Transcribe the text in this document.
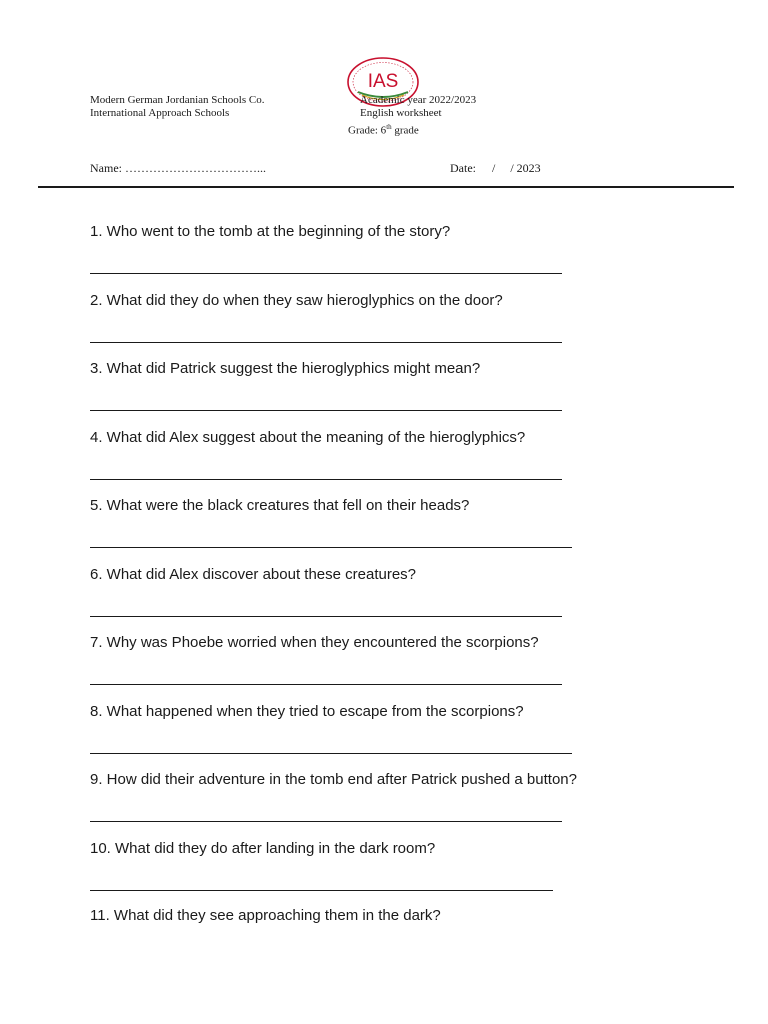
Modern German Jordanian Schools Co.
International Approach Schools
IAS
Academic year 2022/2023
English worksheet
Grade: 6th grade
Name: ……………………………...	Date: /     / 2023
1. Who went to the tomb at the beginning of the story?
2. What did they do when they saw hieroglyphics on the door?
3. What did Patrick suggest the hieroglyphics might mean?
4. What did Alex suggest about the meaning of the hieroglyphics?
5. What were the black creatures that fell on their heads?
6. What did Alex discover about these creatures?
7. Why was Phoebe worried when they encountered the scorpions?
8. What happened when they tried to escape from the scorpions?
9. How did their adventure in the tomb end after Patrick pushed a button?
10. What did they do after landing in the dark room?
11. What did they see approaching them in the dark?
